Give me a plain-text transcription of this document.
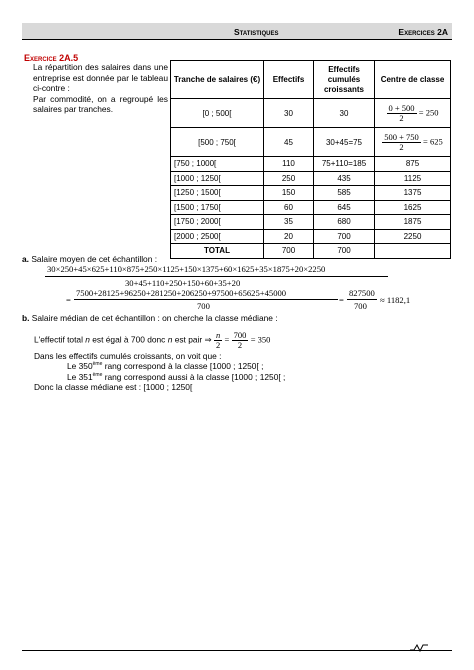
Statistiques	Exercices 2A
Exercice 2A.5

La répartition des salaires dans une entreprise est donnée par le tableau ci-contre :

Par commodité, on a regroupé les salaires par tranches.

Tranche de salaires (€)	Effectifs	Effectifs cumulés croissants	Centre de classe
[0 ; 500[	30	30	$\frac{0 + 500}{2} = 250$
[500 ; 750[	45	30+45=75	$\frac{500 + 750}{2} = 625$
[750 ; 1000[	110	75+110=185	875
[1000 ; 1250[	250	435	1125
[1250 ; 1500[	150	585	1375
[1500 ; 1750[	60	645	1625
[1750 ; 2000[	35	680	1875
[2000 ; 2500[	20	700	2250
TOTAL	700	700	
a. Salaire moyen de cet échantillon :
30×250+45×625+110×875+250×1125+150×1375+60×1625+35×1875+20×2250
30+45+110+250+150+60+35+20
=
7500+28125+96250+281250+206250+97500+65625+45000
700
=
827500
700
≈ 1182,1
b. Salaire médian de cet échantillon : on cherche la classe médiane :
L'effectif total n est égal à 700 donc n est pair ⇒ $\frac{n}{2} = \frac{700}{2} = 350$
Dans les effectifs cumulés croissants, on voit que :
Le 350ème rang correspond à la classe [1000 ; 1250[ ;
Le 351ème rang correspond aussi à la classe [1000 ; 1250[ ;
Donc la classe médiane est : [1000 ; 1250[
